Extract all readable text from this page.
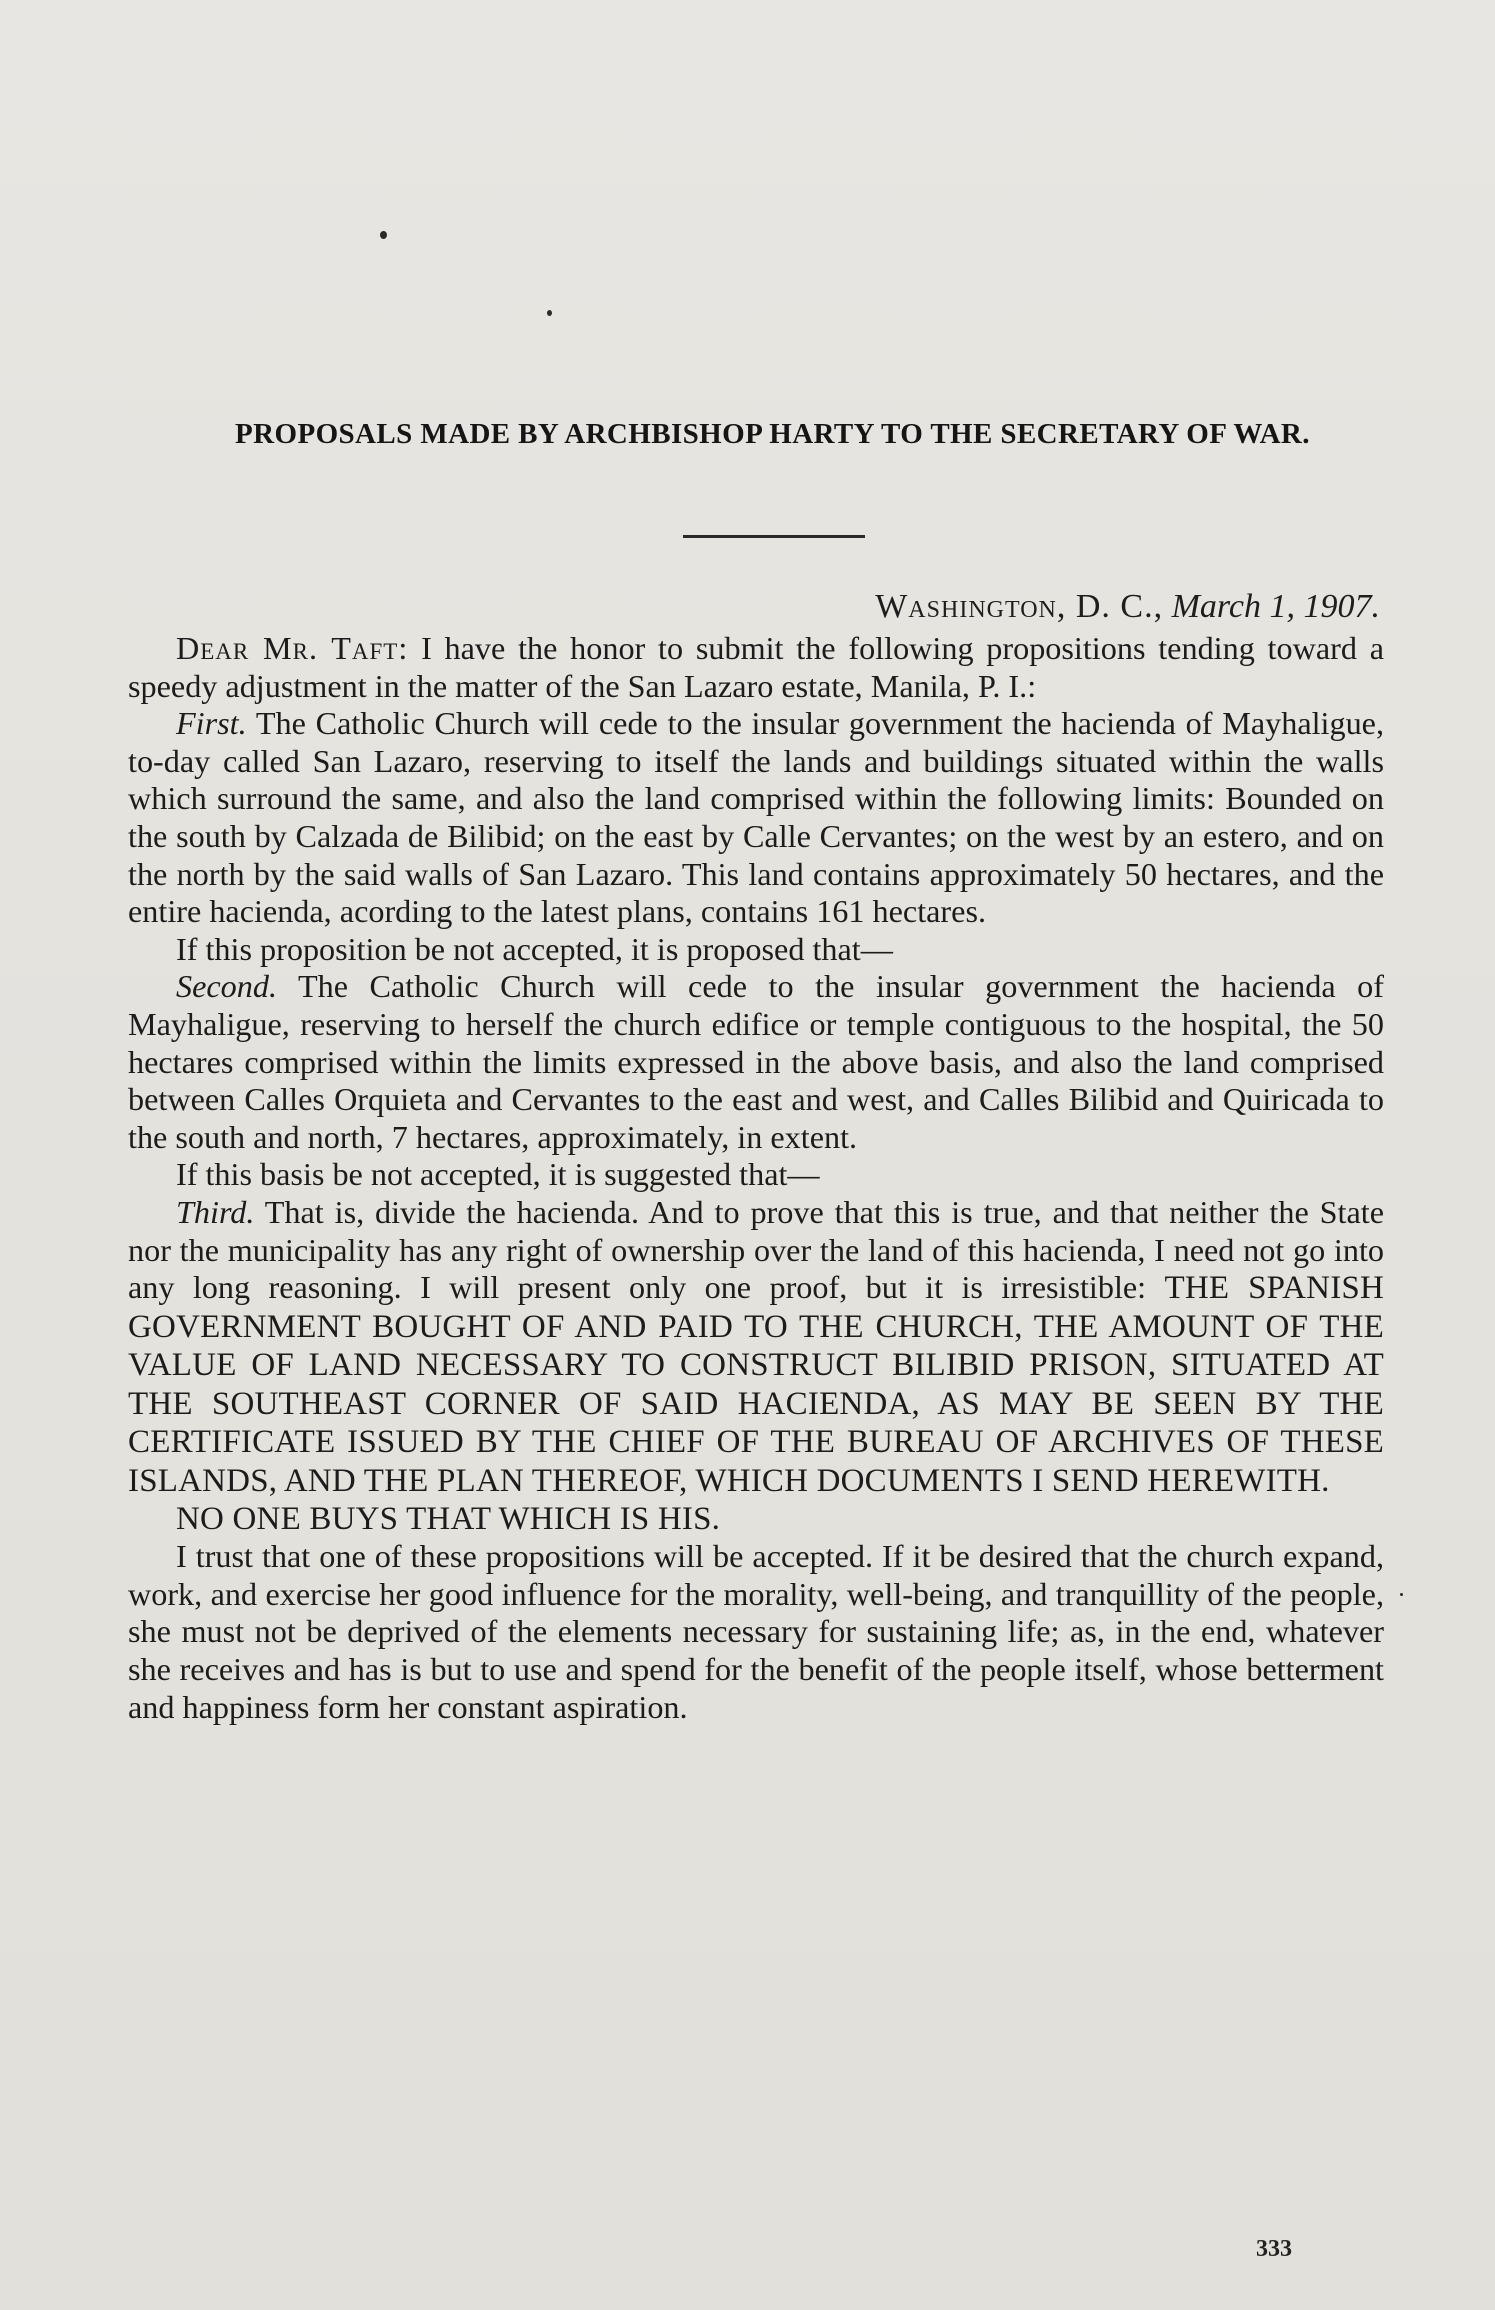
PROPOSALS MADE BY ARCHBISHOP HARTY TO THE SECRETARY OF WAR.
Washington, D. C., March 1, 1907.

Dear Mr. Taft: I have the honor to submit the following propositions tending toward a speedy adjustment in the matter of the San Lazaro estate, Manila, P. I.:

First. The Catholic Church will cede to the insular government the hacienda of Mayhaligue, to-day called San Lazaro, reserving to itself the lands and buildings situated within the walls which surround the same, and also the land comprised within the following limits: Bounded on the south by Calzada de Bilibid; on the east by Calle Cervantes; on the west by an estero, and on the north by the said walls of San Lazaro. This land contains approximately 50 hectares, and the entire hacienda, acording to the latest plans, contains 161 hectares.

If this proposition be not accepted, it is proposed that—

Second. The Catholic Church will cede to the insular government the hacienda of Mayhaligue, reserving to herself the church edifice or temple contiguous to the hospital, the 50 hectares comprised within the limits expressed in the above basis, and also the land comprised between Calles Orquieta and Cervantes to the east and west, and Calles Bilibid and Quiricada to the south and north, 7 hectares, approximately, in extent.

If this basis be not accepted, it is suggested that—

Third. That is, divide the hacienda. And to prove that this is true, and that neither the State nor the municipality has any right of ownership over the land of this hacienda, I need not go into any long reasoning. I will present only one proof, but it is irresistible: THE SPANISH GOVERNMENT BOUGHT OF AND PAID TO THE CHURCH, THE AMOUNT OF THE VALUE OF LAND NECESSARY TO CONSTRUCT BILIBID PRISON, SITUATED AT THE SOUTHEAST CORNER OF SAID HACIENDA, AS MAY BE SEEN BY THE CERTIFICATE ISSUED BY THE CHIEF OF THE BUREAU OF ARCHIVES OF THESE ISLANDS, AND THE PLAN THEREOF, WHICH DOCUMENTS I SEND HEREWITH.

NO ONE BUYS THAT WHICH IS HIS.

I trust that one of these propositions will be accepted. If it be desired that the church expand, work, and exercise her good influence for the morality, well-being, and tranquillity of the people, she must not be deprived of the elements necessary for sustaining life; as, in the end, whatever she receives and has is but to use and spend for the benefit of the people itself, whose betterment and happiness form her constant aspiration.

333
